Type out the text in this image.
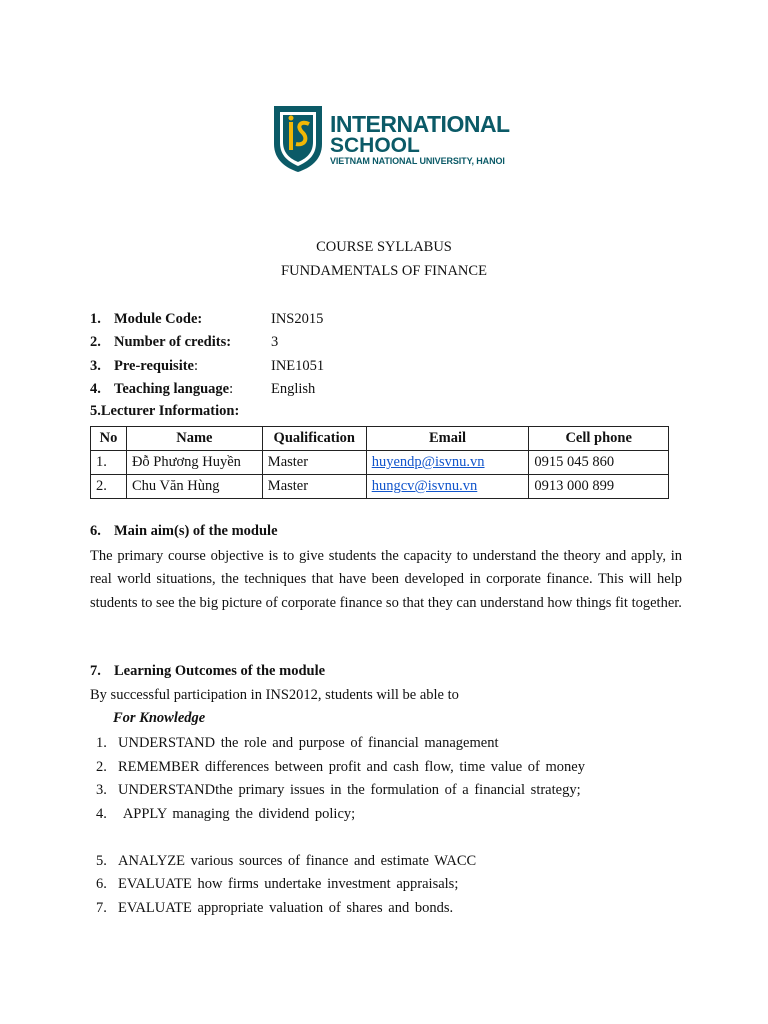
INTERNATIONAL
SCHOOL
VIETNAM NATIONAL UNIVERSITY, HANOI
COURSE SYLLABUS
FUNDAMENTALS OF FINANCE
1. Module Code:	INS2015
2. Number of credits:	3
3. Pre-requisite:	INE1051
4. Teaching language:	English
5.Lecturer Information:
No	Name	Qualification	Email	Cell phone
1.	Đỗ Phương Huyền	Master	huyendp@isvnu.vn	0915 045 860
2.	Chu Văn Hùng	Master	hungcv@isvnu.vn	0913 000 899
6. Main aim(s) of the module
The primary course objective is to give students the capacity to understand the theory and apply, in real world situations, the techniques that have been developed in corporate finance. This will help students to see the big picture of corporate finance so that they can understand how things fit together.
7. Learning Outcomes of the module
By successful participation in INS2012, students will be able to
For Knowledge
1. UNDERSTAND the role and purpose of financial management
2. REMEMBER differences between profit and cash flow, time value of money
3. UNDERSTANDthe primary issues in the formulation of a financial strategy;
4. APPLY managing the dividend policy;
5. ANALYZE various sources of finance and estimate WACC
6. EVALUATE how firms undertake investment appraisals;
7. EVALUATE appropriate valuation of shares and bonds.
